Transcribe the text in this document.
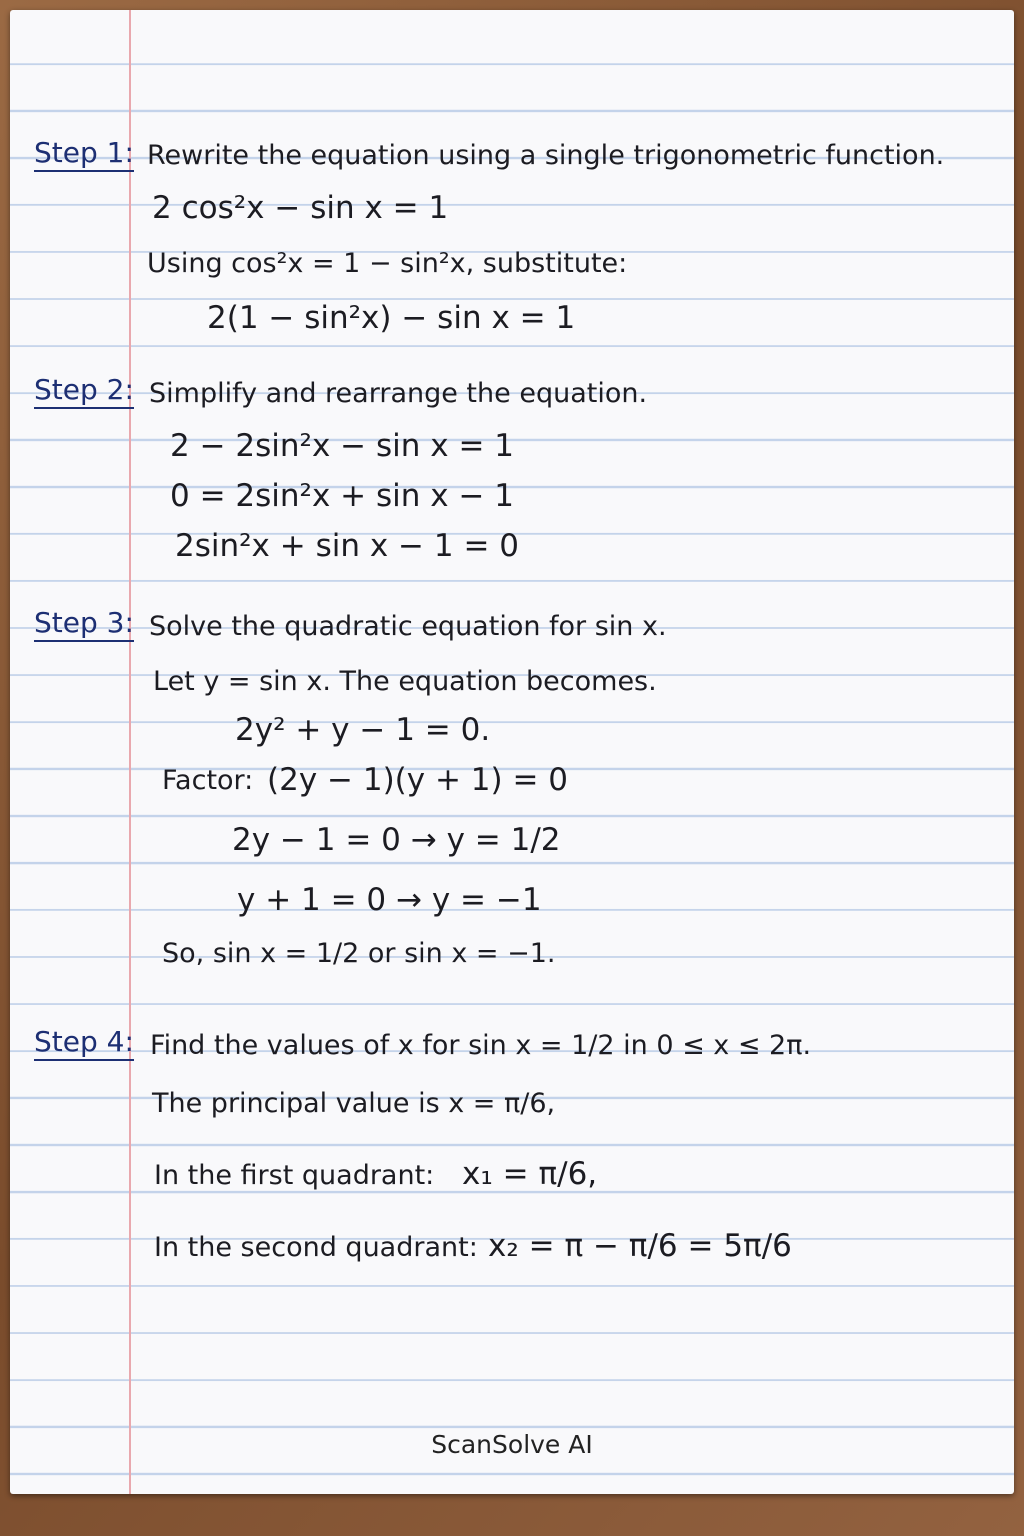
Step 1: Rewrite the equation using a single trigonometric function.
2 cos²x − sin x = 1
Using cos²x = 1 − sin²x, substitute:
2(1 − sin²x) − sin x = 1
Step 2: Simplify and rearrange the equation.
2 − 2sin²x − sin x = 1
0 = 2sin²x + sin x − 1
2sin²x + sin x − 1 = 0
Step 3: Solve the quadratic equation for sin x.
Let y = sin x. The equation becomes.
2y² + y − 1 = 0.
Factor: (2y − 1)(y + 1) = 0
2y − 1 = 0 → y = 1/2
y + 1 = 0 → y = −1
So, sin x = 1/2 or sin x = −1.
Step 4: Find the values of x for sin x = 1/2 in 0 ≤ x ≤ 2π.
The principal value is x = π/6,
In the first quadrant: x₁ = π/6,
In the second quadrant: x₂ = π − π/6 = 5π/6
ScanSolve AI
